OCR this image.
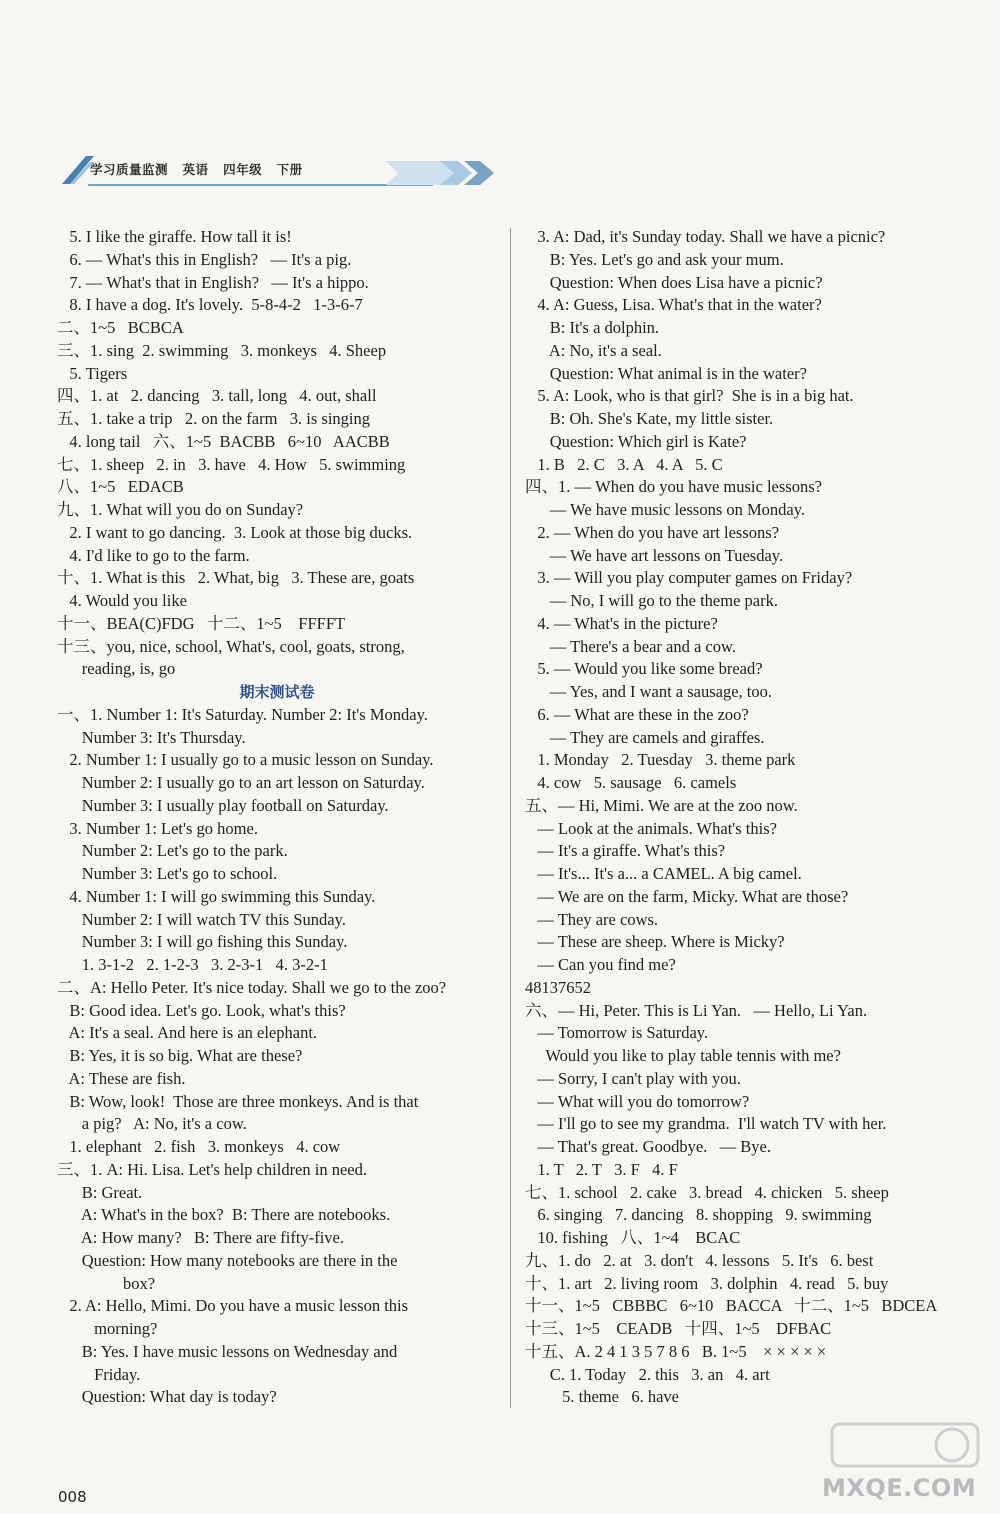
学习质量监测   英语   四年级   下册
5. I like the giraffe. How tall it is!
6. — What's this in English?   — It's a pig.
7. — What's that in English?   — It's a hippo.
8. I have a dog. It's lovely.  5-8-4-2   1-3-6-7
二、1~5   BCBCA
三、1. sing  2. swimming   3. monkeys   4. Sheep
5. Tigers
四、1. at   2. dancing   3. tall, long   4. out, shall
五、1. take a trip   2. on the farm   3. is singing
4. long tail   六、1~5  BACBB   6~10   AACBB
七、1. sheep   2. in   3. have   4. How   5. swimming
八、1~5   EDACB
九、1. What will you do on Sunday?
2. I want to go dancing.  3. Look at those big ducks.
4. I'd like to go to the farm.
十、1. What is this   2. What, big   3. These are, goats
4. Would you like
十一、BEA(C)FDG   十二、1~5    FFFFT
十三、you, nice, school, What's, cool, goats, strong,
reading, is, go
期末测试卷
一、1. Number 1: It's Saturday. Number 2: It's Monday.
Number 3: It's Thursday.
2. Number 1: I usually go to a music lesson on Sunday.
Number 2: I usually go to an art lesson on Saturday.
Number 3: I usually play football on Saturday.
3. Number 1: Let's go home.
Number 2: Let's go to the park.
Number 3: Let's go to school.
4. Number 1: I will go swimming this Sunday.
Number 2: I will watch TV this Sunday.
Number 3: I will go fishing this Sunday.
1. 3-1-2   2. 1-2-3   3. 2-3-1   4. 3-2-1
二、A: Hello Peter. It's nice today. Shall we go to the zoo?
B: Good idea. Let's go. Look, what's this?
A: It's a seal. And here is an elephant.
B: Yes, it is so big. What are these?
A: These are fish.
B: Wow, look!  Those are three monkeys. And is that
a pig?   A: No, it's a cow.
1. elephant   2. fish   3. monkeys   4. cow
三、1. A: Hi. Lisa. Let's help children in need.
B: Great.
A: What's in the box?  B: There are notebooks.
A: How many?   B: There are fifty-five.
Question: How many notebooks are there in the
box?
2. A: Hello, Mimi. Do you have a music lesson this
morning?
B: Yes. I have music lessons on Wednesday and
Friday.
Question: What day is today?
3. A: Dad, it's Sunday today. Shall we have a picnic?
B: Yes. Let's go and ask your mum.
Question: When does Lisa have a picnic?
4. A: Guess, Lisa. What's that in the water?
B: It's a dolphin.
A: No, it's a seal.
Question: What animal is in the water?
5. A: Look, who is that girl?  She is in a big hat.
B: Oh. She's Kate, my little sister.
Question: Which girl is Kate?
1. B   2. C   3. A   4. A   5. C
四、1. — When do you have music lessons?
— We have music lessons on Monday.
2. — When do you have art lessons?
— We have art lessons on Tuesday.
3. — Will you play computer games on Friday?
— No, I will go to the theme park.
4. — What's in the picture?
— There's a bear and a cow.
5. — Would you like some bread?
— Yes, and I want a sausage, too.
6. — What are these in the zoo?
— They are camels and giraffes.
1. Monday   2. Tuesday   3. theme park
4. cow   5. sausage   6. camels
五、— Hi, Mimi. We are at the zoo now.
— Look at the animals. What's this?
— It's a giraffe. What's this?
— It's... It's a... a CAMEL. A big camel.
— We are on the farm, Micky. What are those?
— They are cows.
— These are sheep. Where is Micky?
— Can you find me?
48137652
六、— Hi, Peter. This is Li Yan.   — Hello, Li Yan.
— Tomorrow is Saturday.
Would you like to play table tennis with me?
— Sorry, I can't play with you.
— What will you do tomorrow?
— I'll go to see my grandma.  I'll watch TV with her.
— That's great. Goodbye.   — Bye.
1. T   2. T   3. F   4. F
七、1. school   2. cake   3. bread   4. chicken   5. sheep
6. singing   7. dancing   8. shopping   9. swimming
10. fishing   八、1~4    BCAC
九、1. do   2. at   3. don't   4. lessons   5. It's   6. best
十、1. art   2. living room   3. dolphin   4. read   5. buy
十一、1~5   CBBBC   6~10   BACCA   十二、1~5   BDCEA
十三、1~5    CEADB   十四、1~5    DFBAC
十五、A. 2 4 1 3 5 7 8 6   B. 1~5    × × × × ×
C. 1. Today   2. this   3. an   4. art
5. theme   6. have
008	MXQE.COM
